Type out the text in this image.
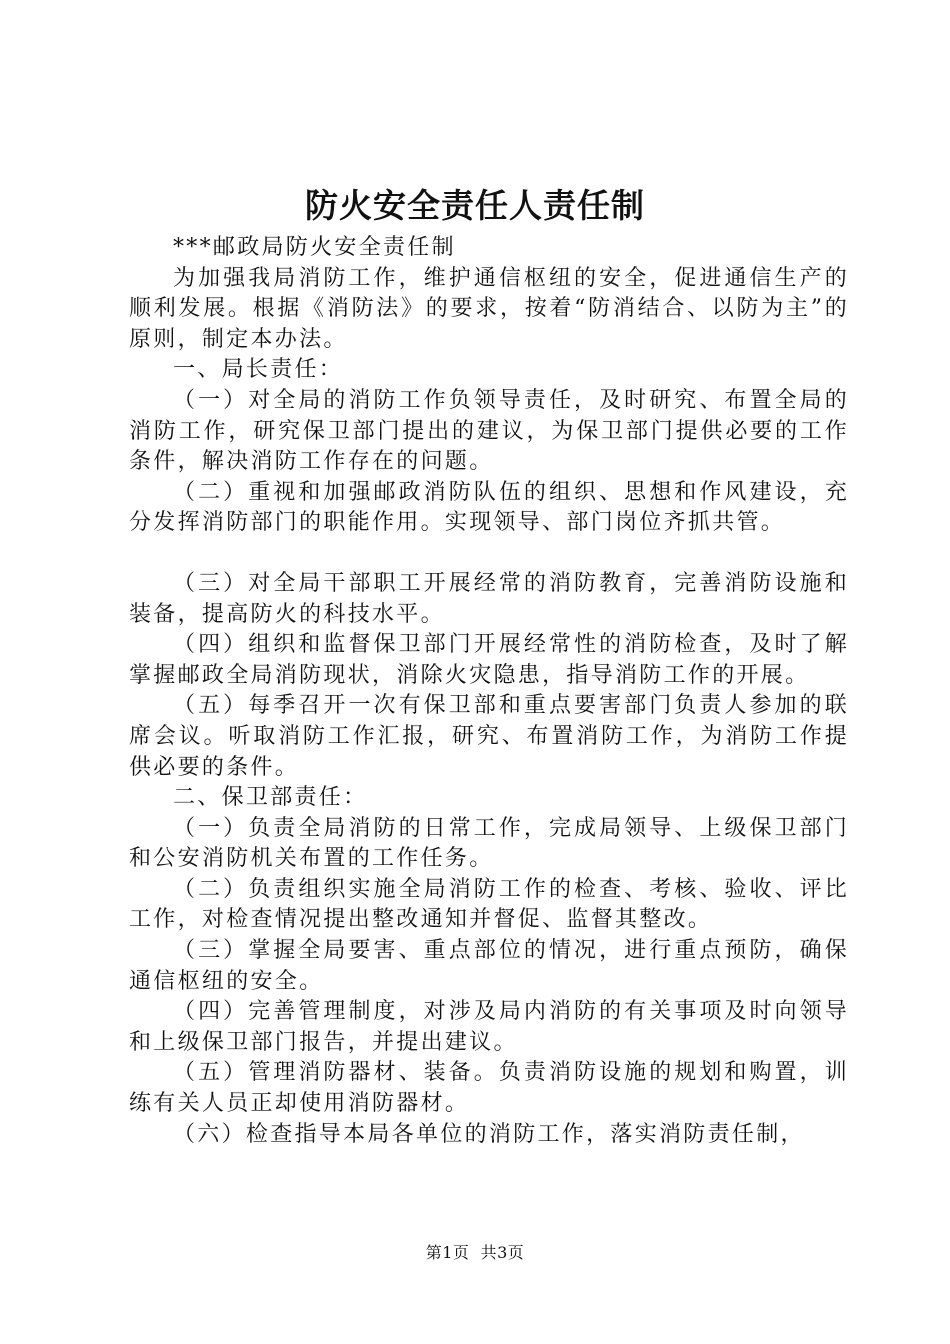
防火安全责任人责任制

***邮政局防火安全责任制

为加强我局消防工作，维护通信枢纽的安全，促进通信生产的顺利发展。根据《消防法》的要求，按着“防消结合、以防为主”的原则，制定本办法。

一、局长责任：

（一）对全局的消防工作负领导责任，及时研究、布置全局的消防工作，研究保卫部门提出的建议，为保卫部门提供必要的工作条件，解决消防工作存在的问题。

（二）重视和加强邮政消防队伍的组织、思想和作风建设，充分发挥消防部门的职能作用。实现领导、部门岗位齐抓共管。

（三）对全局干部职工开展经常的消防教育，完善消防设施和装备，提高防火的科技水平。

（四）组织和监督保卫部门开展经常性的消防检查，及时了解掌握邮政全局消防现状，消除火灾隐患，指导消防工作的开展。

（五）每季召开一次有保卫部和重点要害部门负责人参加的联席会议。听取消防工作汇报，研究、布置消防工作，为消防工作提供必要的条件。

二、保卫部责任：

（一）负责全局消防的日常工作，完成局领导、上级保卫部门和公安消防机关布置的工作任务。

（二）负责组织实施全局消防工作的检查、考核、验收、评比工作，对检查情况提出整改通知并督促、监督其整改。

（三）掌握全局要害、重点部位的情况，进行重点预防，确保通信枢纽的安全。

（四）完善管理制度，对涉及局内消防的有关事项及时向领导和上级保卫部门报告，并提出建议。

（五）管理消防器材、装备。负责消防设施的规划和购置，训练有关人员正却使用消防器材。

（六）检查指导本局各单位的消防工作，落实消防责任制，

第1页 共3页
